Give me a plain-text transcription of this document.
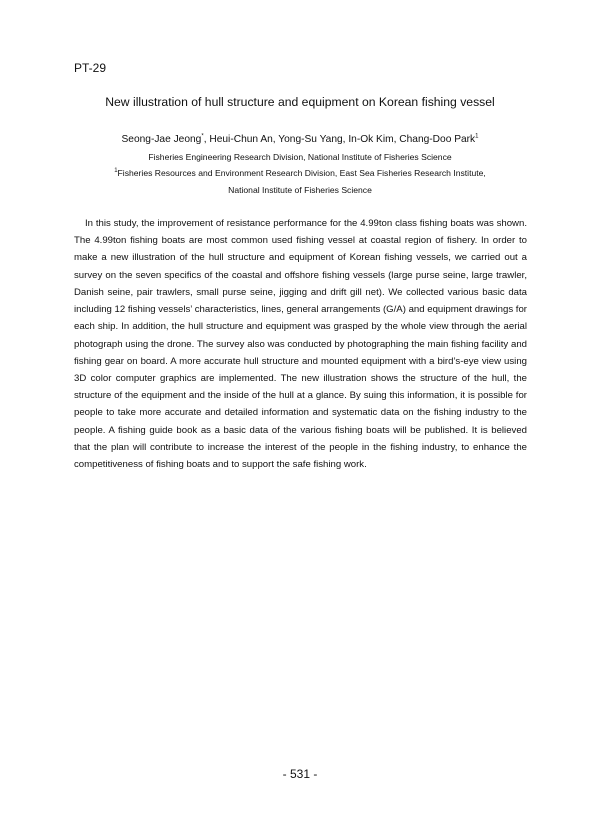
PT-29
New illustration of hull structure and equipment on Korean fishing vessel
Seong-Jae Jeong*, Heui-Chun An, Yong-Su Yang, In-Ok Kim, Chang-Doo Park$^1$
Fisheries Engineering Research Division, National Institute of Fisheries Science
$^1$Fisheries Resources and Environment Research Division, East Sea Fisheries Research Institute,
National Institute of Fisheries Science

In this study, the improvement of resistance performance for the 4.99ton class fishing boats was shown. The 4.99ton fishing boats are most common used fishing vessel at coastal region of fishery. In order to make a new illustration of the hull structure and equipment of Korean fishing vessels, we carried out a survey on the seven specifics of the coastal and offshore fishing vessels (large purse seine, large trawler, Danish seine, pair trawlers, small purse seine, jigging and drift gill net). We collected various basic data including 12 fishing vessels’ characteristics, lines, general arrangements (G/A) and equipment drawings for each ship. In addition, the hull structure and equipment was grasped by the whole view through the aerial photograph using the drone. The survey also was conducted by photographing the main fishing facility and fishing gear on board. A more accurate hull structure and mounted equipment with a bird’s-eye view using 3D color computer graphics are implemented. The new illustration shows the structure of the hull, the structure of the equipment and the inside of the hull at a glance. By suing this information, it is possible for people to take more accurate and detailed information and systematic data on the fishing industry to the people. A fishing guide book as a basic data of the various fishing boats will be published. It is believed that the plan will contribute to increase the interest of the people in the fishing industry, to enhance the competitiveness of fishing boats and to support the safe fishing work.

- 531 -
